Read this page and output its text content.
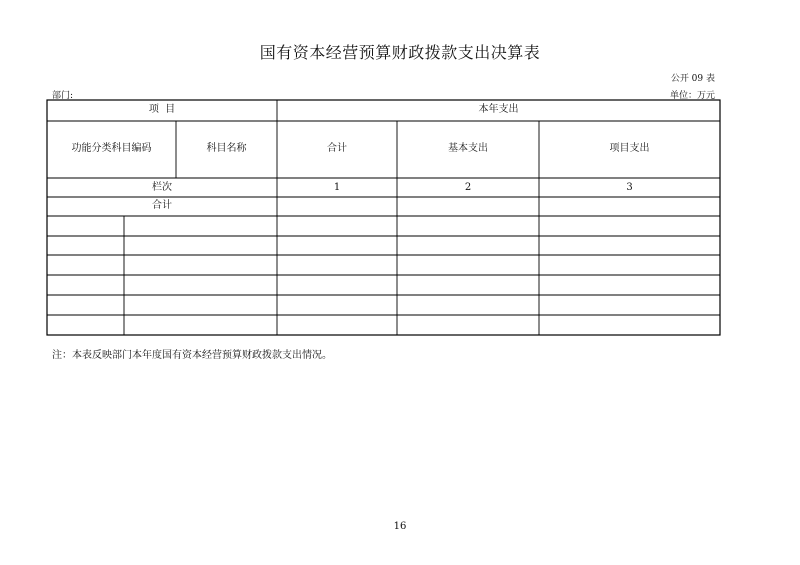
国有资本经营预算财政拨款支出决算表
公开 09 表
部门:	单位：万元
项  目	本年支出
功能分类科目编码	科目名称	合计	基本支出	项目支出
栏次	1	2	3
合计
注：本表反映部门本年度国有资本经营预算财政拨款支出情况。
16
